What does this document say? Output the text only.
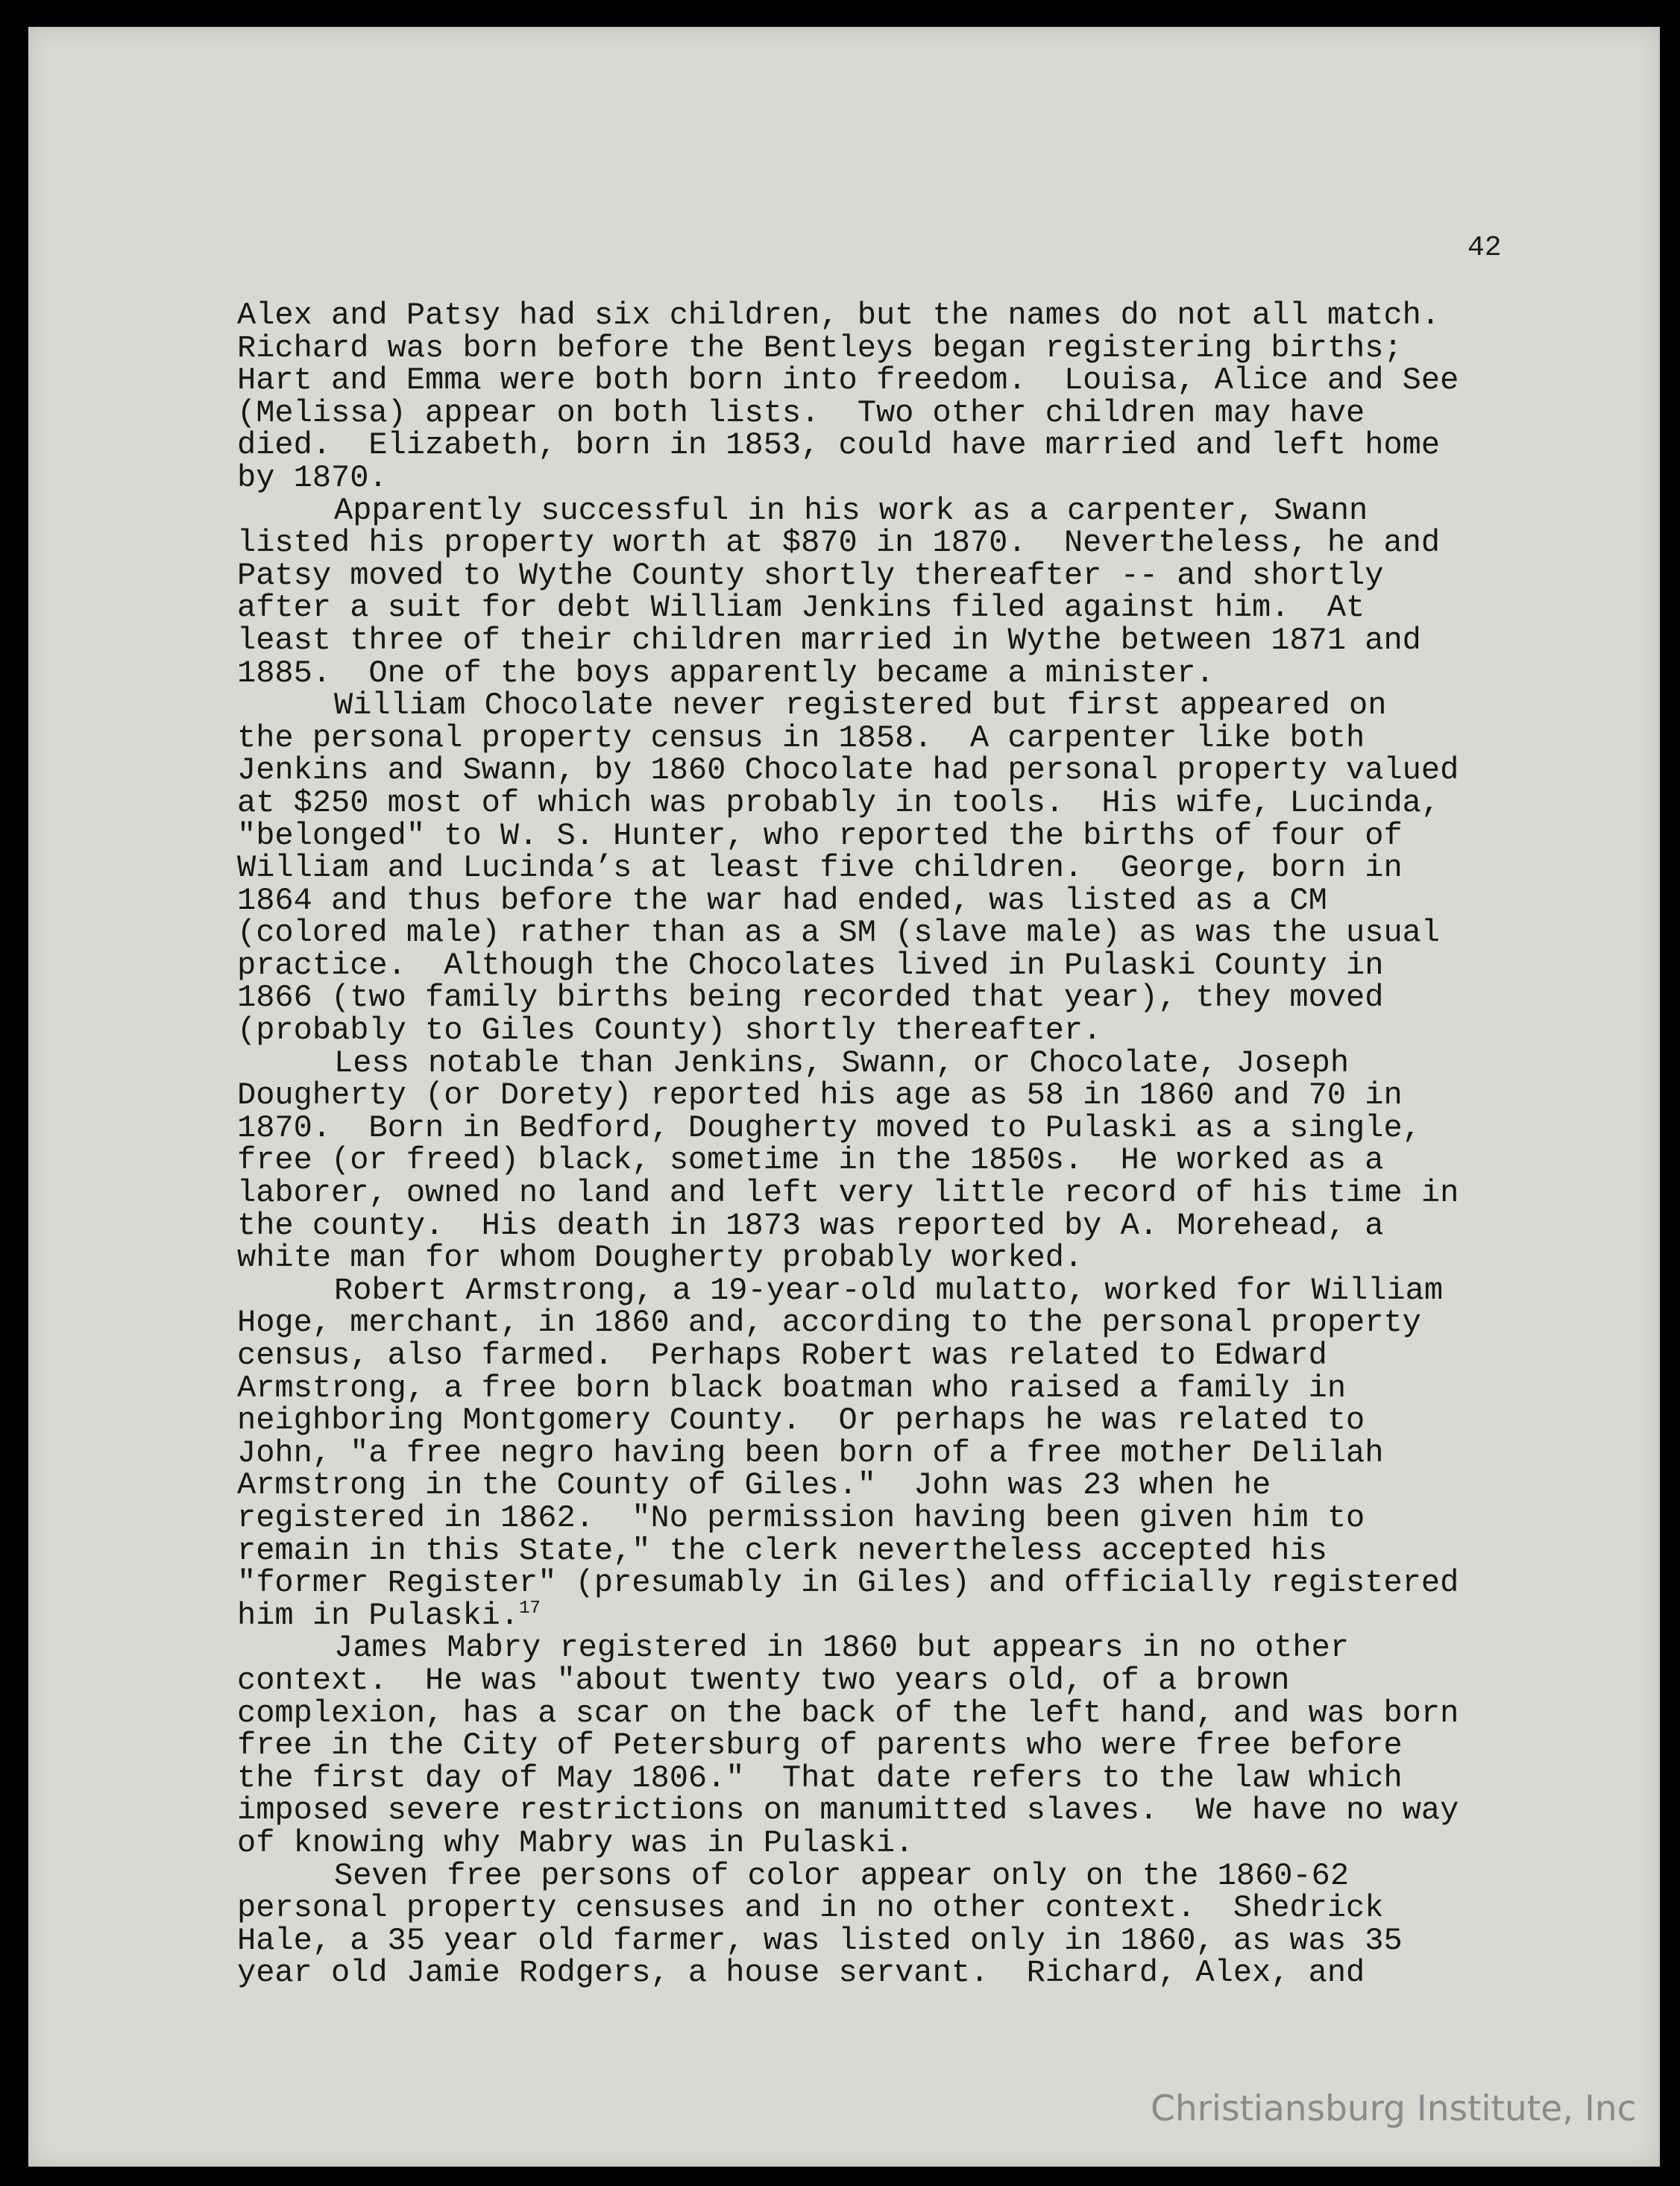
42

Alex and Patsy had six children, but the names do not all match.
Richard was born before the Bentleys began registering births;
Hart and Emma were both born into freedom.  Louisa, Alice and See
(Melissa) appear on both lists.  Two other children may have
died.  Elizabeth, born in 1853, could have married and left home
by 1870.
Apparently successful in his work as a carpenter, Swann
listed his property worth at $870 in 1870.  Nevertheless, he and
Patsy moved to Wythe County shortly thereafter -- and shortly
after a suit for debt William Jenkins filed against him.  At
least three of their children married in Wythe between 1871 and
1885.  One of the boys apparently became a minister.
William Chocolate never registered but first appeared on
the personal property census in 1858.  A carpenter like both
Jenkins and Swann, by 1860 Chocolate had personal property valued
at $250 most of which was probably in tools.  His wife, Lucinda,
"belonged" to W. S. Hunter, who reported the births of four of
William and Lucinda’s at least five children.  George, born in
1864 and thus before the war had ended, was listed as a CM
(colored male) rather than as a SM (slave male) as was the usual
practice.  Although the Chocolates lived in Pulaski County in
1866 (two family births being recorded that year), they moved
(probably to Giles County) shortly thereafter.
Less notable than Jenkins, Swann, or Chocolate, Joseph
Dougherty (or Dorety) reported his age as 58 in 1860 and 70 in
1870.  Born in Bedford, Dougherty moved to Pulaski as a single,
free (or freed) black, sometime in the 1850s.  He worked as a
laborer, owned no land and left very little record of his time in
the county.  His death in 1873 was reported by A. Morehead, a
white man for whom Dougherty probably worked.
Robert Armstrong, a 19-year-old mulatto, worked for William
Hoge, merchant, in 1860 and, according to the personal property
census, also farmed.  Perhaps Robert was related to Edward
Armstrong, a free born black boatman who raised a family in
neighboring Montgomery County.  Or perhaps he was related to
John, "a free negro having been born of a free mother Delilah
Armstrong in the County of Giles."  John was 23 when he
registered in 1862.  "No permission having been given him to
remain in this State," the clerk nevertheless accepted his
"former Register" (presumably in Giles) and officially registered
him in Pulaski.$^{17}$
James Mabry registered in 1860 but appears in no other
context.  He was "about twenty two years old, of a brown
complexion, has a scar on the back of the left hand, and was born
free in the City of Petersburg of parents who were free before
the first day of May 1806."  That date refers to the law which
imposed severe restrictions on manumitted slaves.  We have no way
of knowing why Mabry was in Pulaski.
Seven free persons of color appear only on the 1860-62
personal property censuses and in no other context.  Shedrick
Hale, a 35 year old farmer, was listed only in 1860, as was 35
year old Jamie Rodgers, a house servant.  Richard, Alex, and

Christiansburg Institute, Inc
